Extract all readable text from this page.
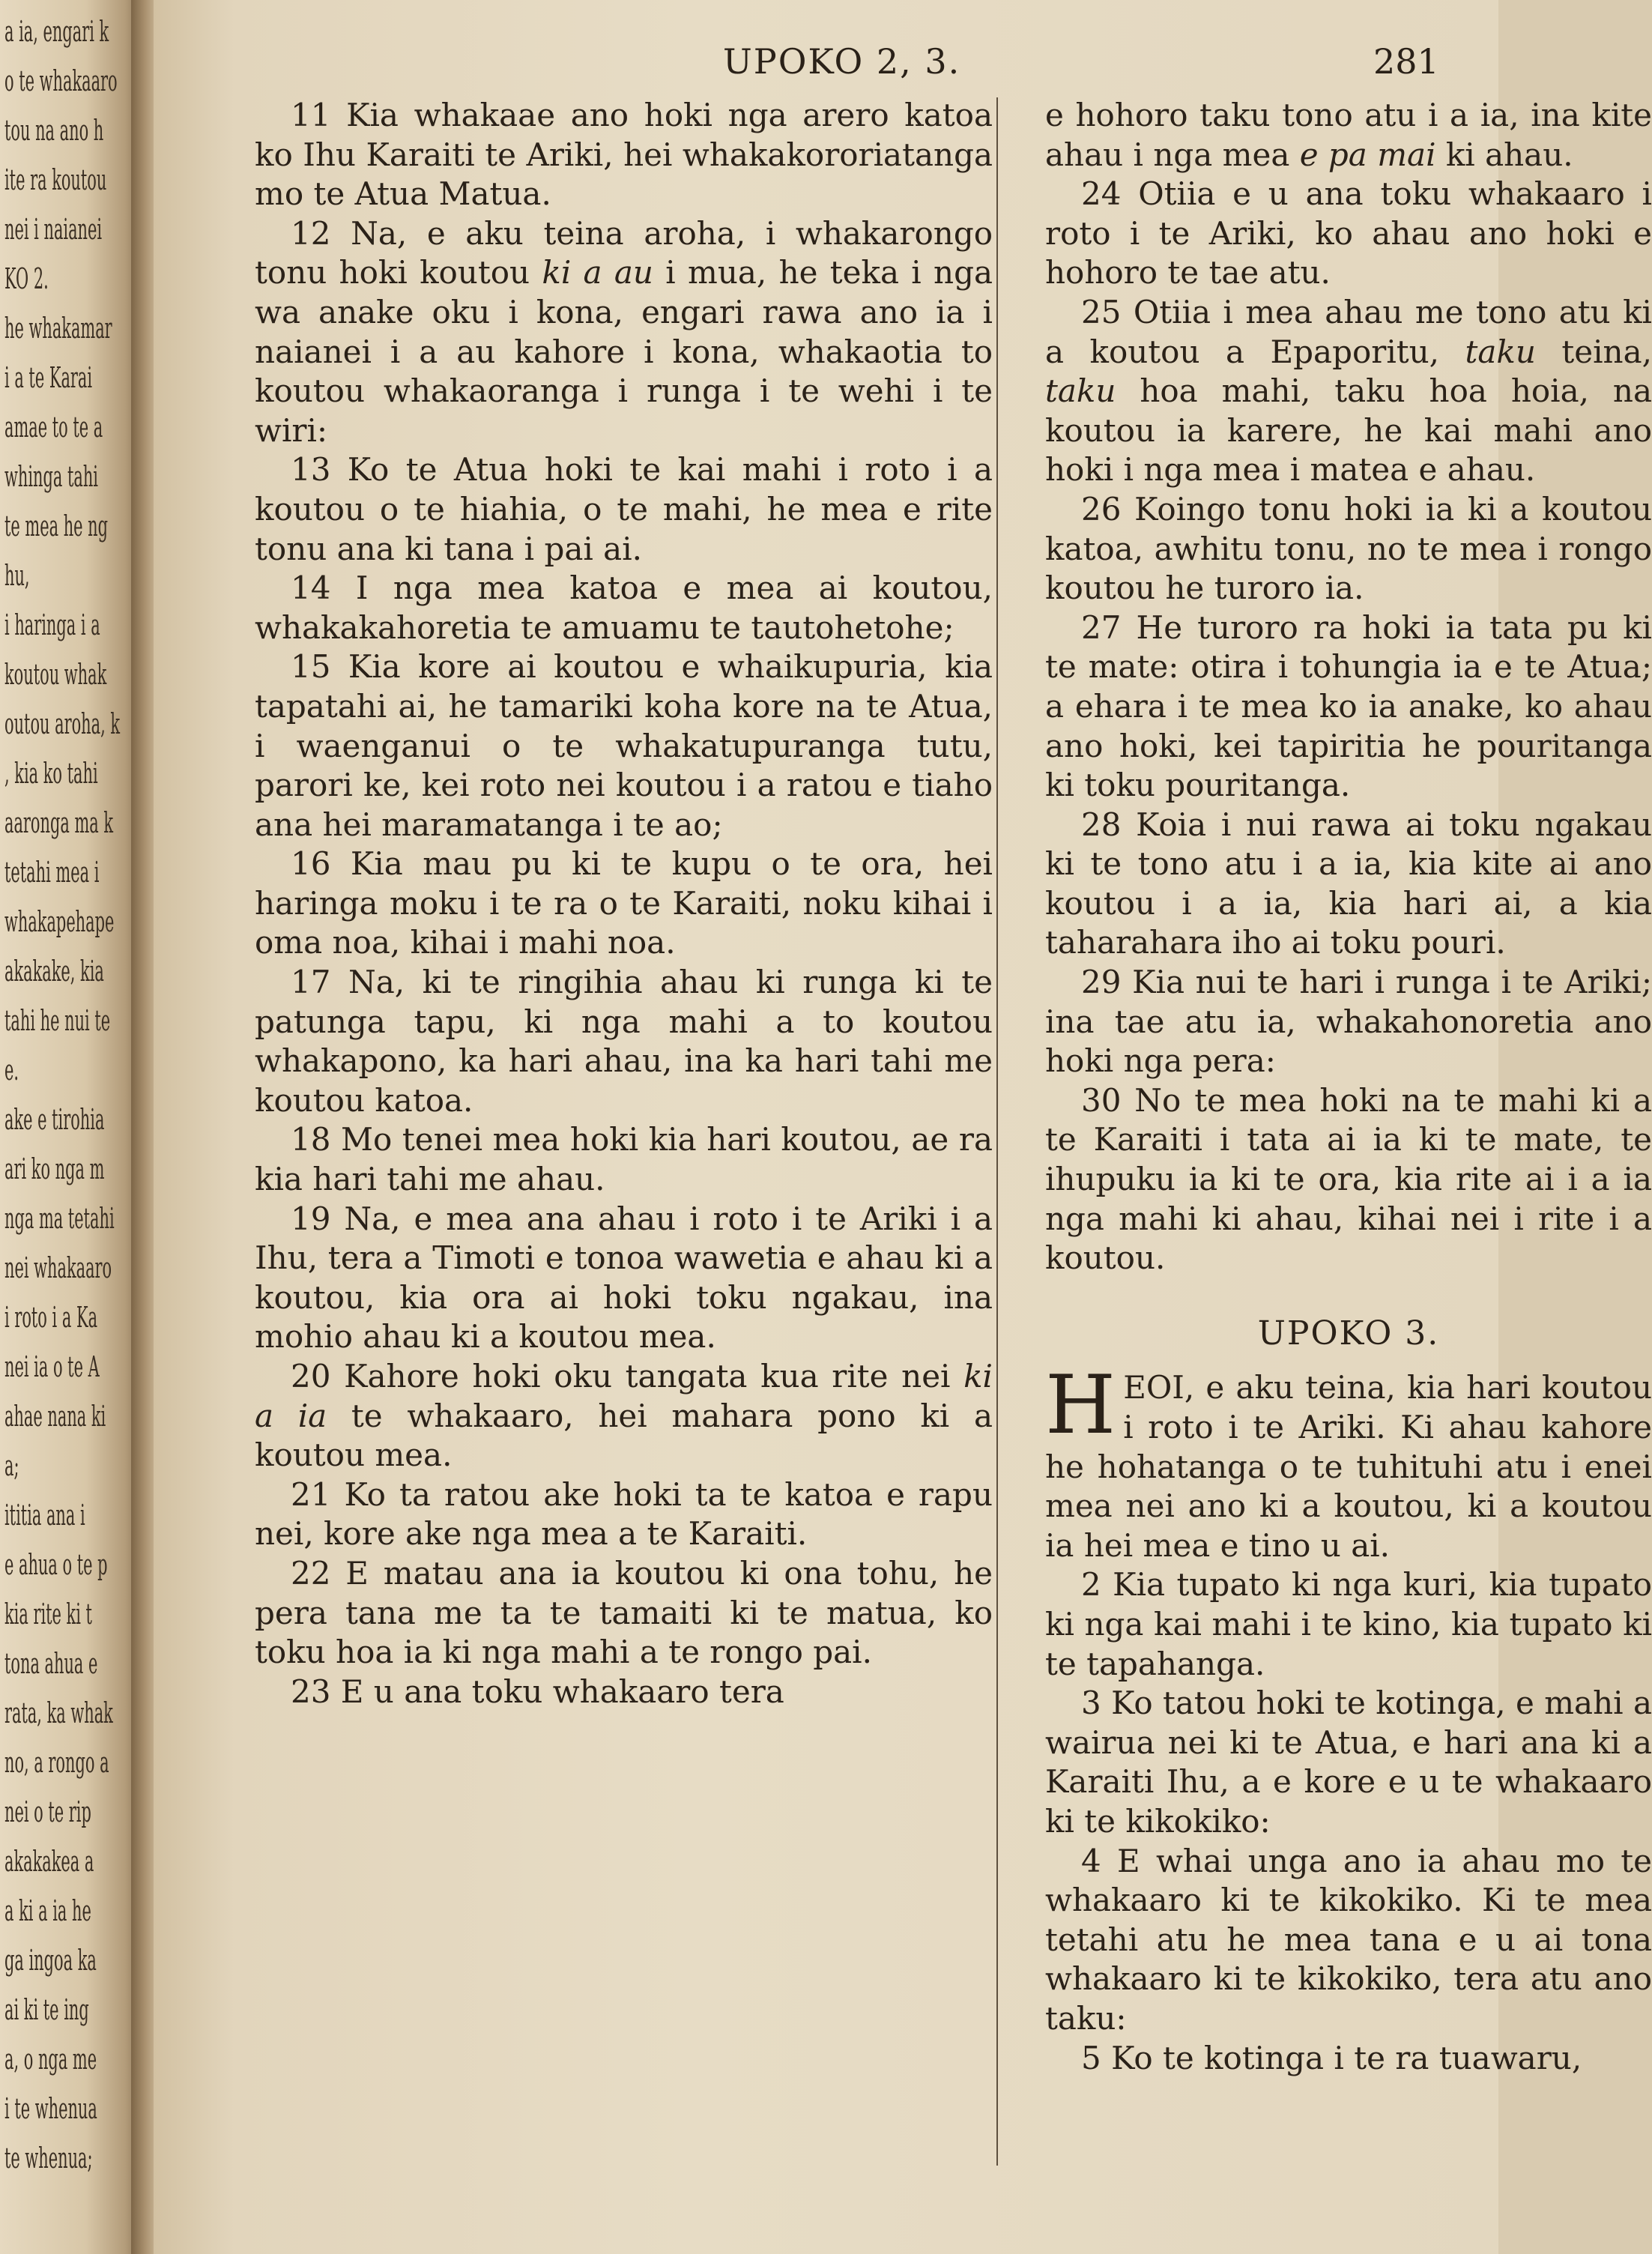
a ia, engari k
o te whakaaro
tou na ano h
ite ra koutou
nei i naianei
KO 2.
he whakamar
i a te Karai
amae to te a
whinga tahi
te mea he ng
hu,
i haringa i a
koutou whak
outou aroha, k
, kia ko tahi
aaronga ma k
tetahi mea i
whakapehape
akakake, kia
tahi he nui te
e.
ake e tirohia
ari ko nga m
nga ma tetahi
nei whakaaro
i roto i a Ka
nei ia o te A
ahae nana ki
a;
ititia ana i
e ahua o te p
kia rite ki t
tona ahua e
rata, ka whak
no, a rongo a
nei o te rip
akakakea a
a ki a ia he
ga ingoa ka
ai ki te ing
a, o nga me
i te whenua
te whenua;
UPOKO 2, 3.	281

11 Kia whakaae ano hoki nga arero katoa ko Ihu Karaiti te Ariki, hei whakakororiatanga mo te Atua Matua.

12 Na, e aku teina aroha, i whakarongo tonu hoki koutou ki a au i mua, he teka i nga wa anake oku i kona, engari rawa ano ia i naianei i a au kahore i kona, whakaotia to koutou whakaoranga i runga i te wehi i te wiri:

13 Ko te Atua hoki te kai mahi i roto i a koutou o te hiahia, o te mahi, he mea e rite tonu ana ki tana i pai ai.

14 I nga mea katoa e mea ai koutou, whakakahoretia te amuamu te tautohetohe;

15 Kia kore ai koutou e whaikupuria, kia tapatahi ai, he tamariki koha kore na te Atua, i waenganui o te whakatupuranga tutu, parori ke, kei roto nei koutou i a ratou e tiaho ana hei maramatanga i te ao;

16 Kia mau pu ki te kupu o te ora, hei haringa moku i te ra o te Karaiti, noku kihai i oma noa, kihai i mahi noa.

17 Na, ki te ringihia ahau ki runga ki te patunga tapu, ki nga mahi a to koutou whakapono, ka hari ahau, ina ka hari tahi me koutou katoa.

18 Mo tenei mea hoki kia hari koutou, ae ra kia hari tahi me ahau.

19 Na, e mea ana ahau i roto i te Ariki i a Ihu, tera a Timoti e tonoa wawetia e ahau ki a koutou, kia ora ai hoki toku ngakau, ina mohio ahau ki a koutou mea.

20 Kahore hoki oku tangata kua rite nei ki a ia te whakaaro, hei mahara pono ki a koutou mea.

21 Ko ta ratou ake hoki ta te katoa e rapu nei, kore ake nga mea a te Karaiti.

22 E matau ana ia koutou ki ona tohu, he pera tana me ta te tamaiti ki te matua, ko toku hoa ia ki nga mahi a te rongo pai.

23 E u ana toku whakaaro tera

e hohoro taku tono atu i a ia, ina kite ahau i nga mea e pa mai ki ahau.

24 Otiia e u ana toku whakaaro i roto i te Ariki, ko ahau ano hoki e hohoro te tae atu.

25 Otiia i mea ahau me tono atu ki a koutou a Epaporitu, taku teina, taku hoa mahi, taku hoa hoia, na koutou ia karere, he kai mahi ano hoki i nga mea i matea e ahau.

26 Koingo tonu hoki ia ki a koutou katoa, awhitu tonu, no te mea i rongo koutou he turoro ia.

27 He turoro ra hoki ia tata pu ki te mate: otira i tohungia ia e te Atua; a ehara i te mea ko ia anake, ko ahau ano hoki, kei tapiritia he pouritanga ki toku pouritanga.

28 Koia i nui rawa ai toku ngakau ki te tono atu i a ia, kia kite ai ano koutou i a ia, kia hari ai, a kia taharahara iho ai toku pouri.

29 Kia nui te hari i runga i te Ariki; ina tae atu ia, whakahonoretia ano hoki nga pera:

30 No te mea hoki na te mahi ki a te Karaiti i tata ai ia ki te mate, te ihupuku ia ki te ora, kia rite ai i a ia nga mahi ki ahau, kihai nei i rite i a koutou.

UPOKO 3.

HEOI, e aku teina, kia hari koutou i roto i te Ariki. Ki ahau kahore he hohatanga o te tuhituhi atu i enei mea nei ano ki a koutou, ki a koutou ia hei mea e tino u ai.

2 Kia tupato ki nga kuri, kia tupato ki nga kai mahi i te kino, kia tupato ki te tapahanga.

3 Ko tatou hoki te kotinga, e mahi a wairua nei ki te Atua, e hari ana ki a Karaiti Ihu, a e kore e u te whakaaro ki te kikokiko:

4 E whai unga ano ia ahau mo te whakaaro ki te kikokiko. Ki te mea tetahi atu he mea tana e u ai tona whakaaro ki te kikokiko, tera atu ano taku:

5 Ko te kotinga i te ra tuawaru,
